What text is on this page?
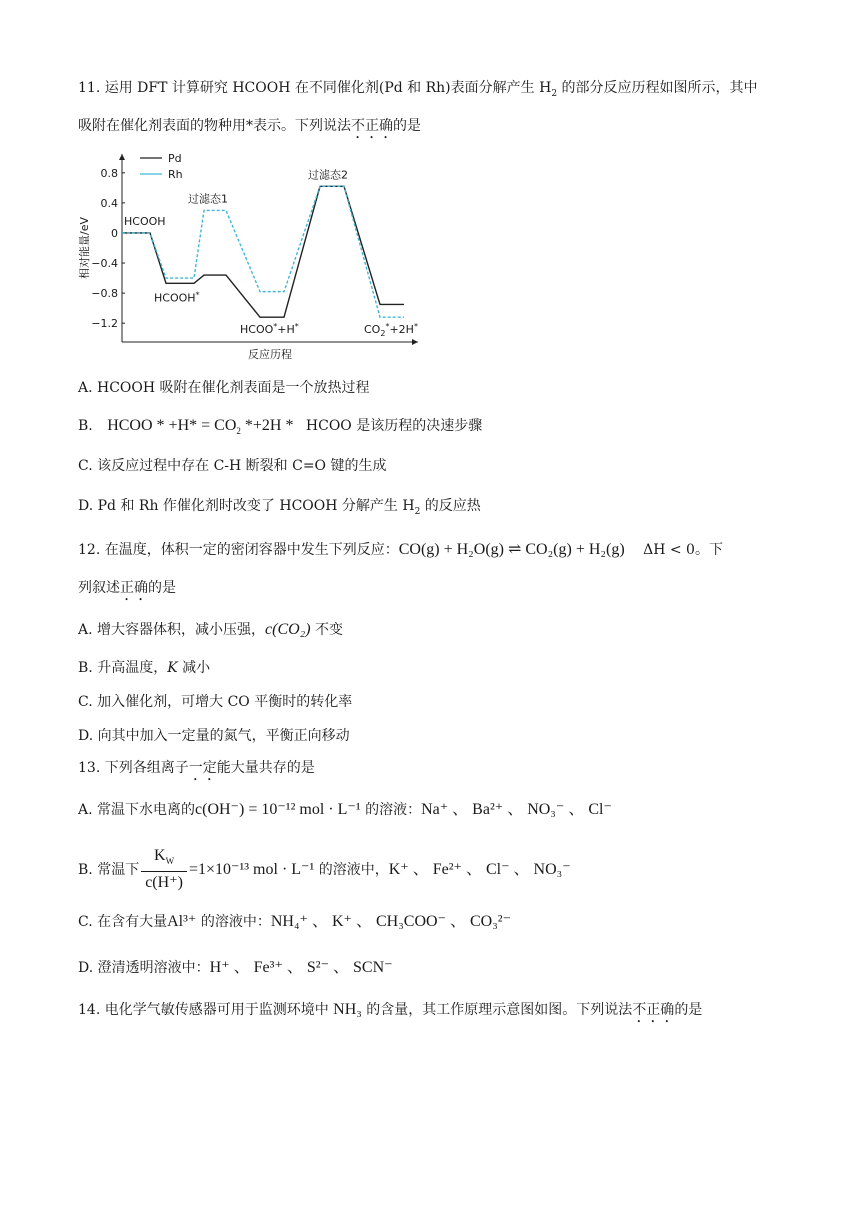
11. 运用 DFT 计算研究 HCOOH 在不同催化剂(Pd 和 Rh)表面分解产生 $H_2$ 的部分反应历程如图所示，其中
吸附在催化剂表面的物种用*表示。下列说法不正确的是
0.8
0.4
0
−0.4
−0.8
−1.2
相对能量/eV
反应历程
Pd
Rh
HCOOH
过滤态1
过滤态2
HCOOH*
HCOO*+H*	$CO_2^*+2H^*$
A. HCOOH 吸附在催化剂表面是一个放热过程
B. HCOO * $+H* = CO_2$ *+2H * HCOO 是该历程的决速步骤
C. 该反应过程中存在 C-H 断裂和 C=O 键的生成
D. Pd 和 Rh 作催化剂时改变了 HCOOH 分解产生 $H_2$ 的反应热
12. 在温度，体积一定的密闭容器中发生下列反应：CO(g) + H₂O(g) ⇌ CO₂(g) + H₂(g) ΔH < 0。下
列叙述正确的是
A. 增大容器体积，减小压强，c(CO₂) 不变
B. 升高温度，K 减小
C. 加入催化剂，可增大 CO 平衡时的转化率
D. 向其中加入一定量的氮气，平衡正向移动
13. 下列各组离子一定能大量共存的是
A. 常温下水电离的c(OH⁻) = 10⁻¹² mol · L⁻¹ 的溶液：Na⁺ 、 Ba²⁺ 、 NO₃⁻ 、 Cl⁻
B. 常温下 $\frac{K_W}{c(H^+)} =1\times 10^{-13}$ mol · L⁻¹ 的溶液中，K⁺ 、 Fe²⁺ 、 Cl⁻ 、 NO₃⁻
C. 在含有大量Al³⁺ 的溶液中：NH₄⁺ 、 K⁺ 、 CH₃COO⁻ 、 CO₃²⁻
D. 澄清透明溶液中：H⁺ 、 Fe³⁺ 、 S²⁻ 、 SCN⁻
14. 电化学气敏传感器可用于监测环境中 NH₃ 的含量，其工作原理示意图如图。下列说法不正确的是
